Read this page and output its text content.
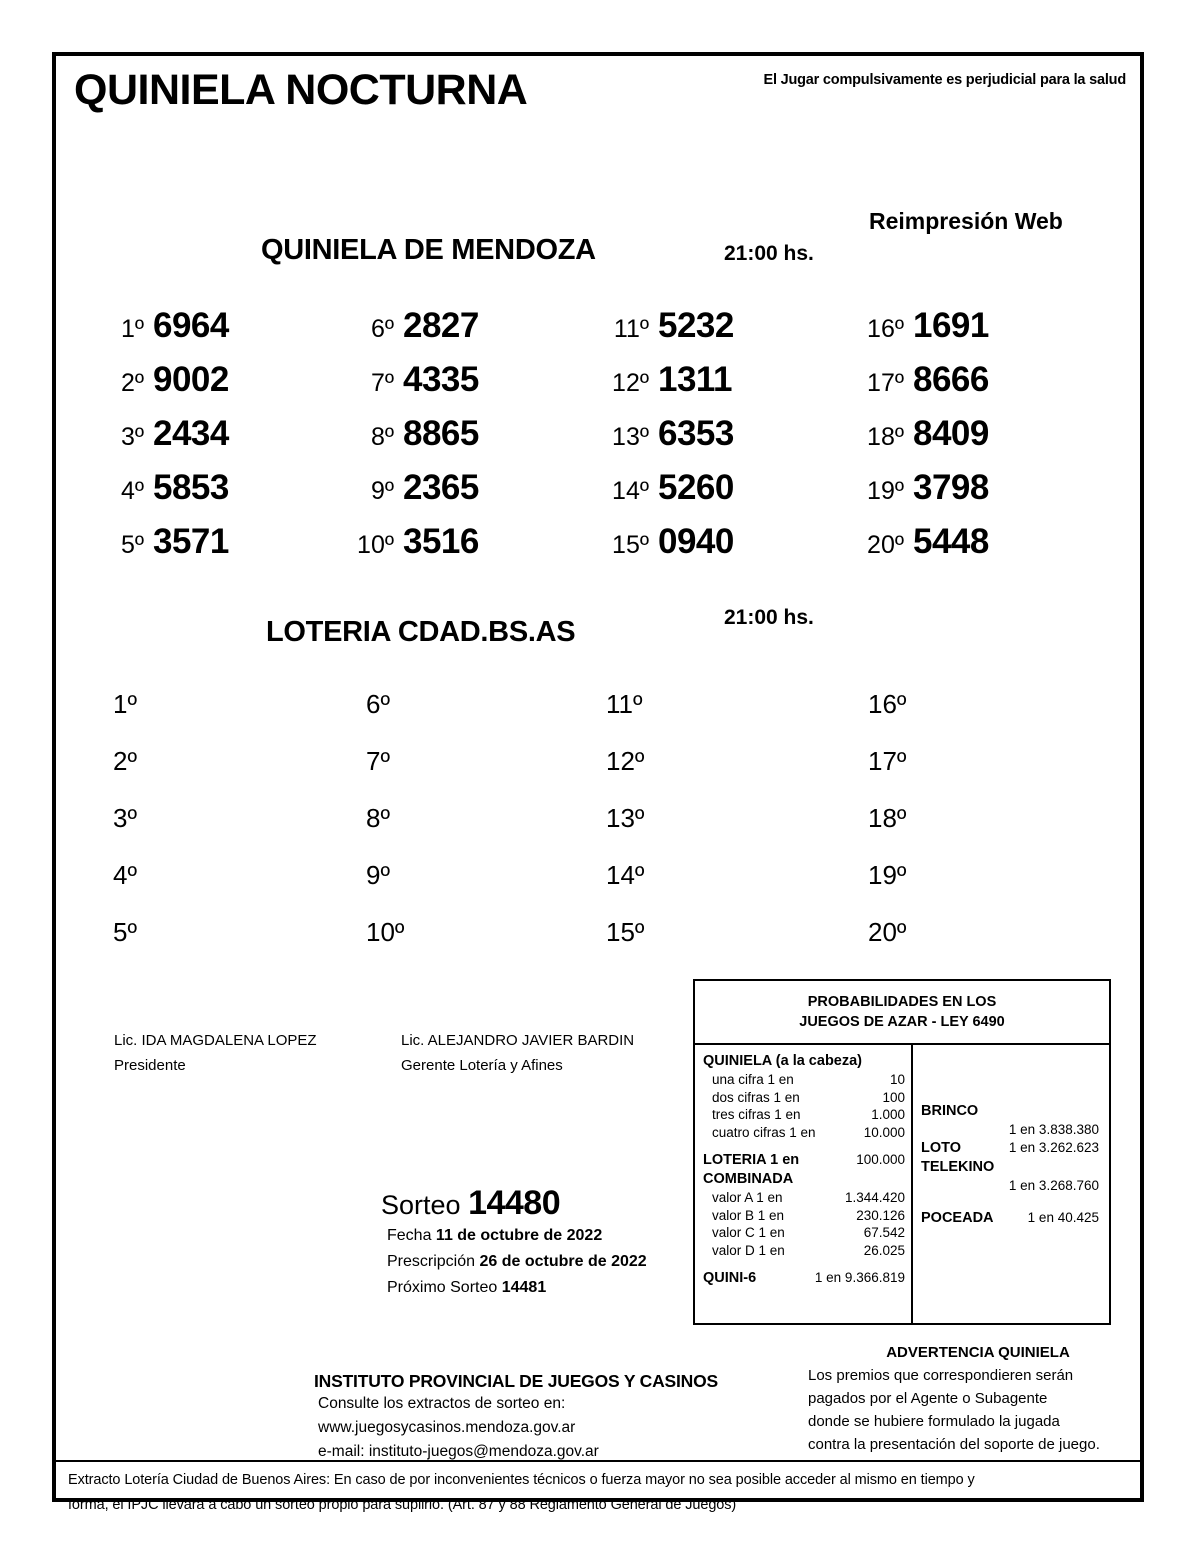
QUINIELA NOCTURNA	El Jugar compulsivamente es perjudicial para la salud
QUINIELA DE MENDOZA	21:00 hs.
Reimpresión Web
1º 6964	6º 2827	11º 5232	16º 1691
2º 9002	7º 4335	12º 1311	17º 8666
3º 2434	8º 8865	13º 6353	18º 8409
4º 5853	9º 2365	14º 5260	19º 3798
5º 3571	10º 3516	15º 0940	20º 5448
LOTERIA CDAD.BS.AS	21:00 hs.
1º	6º	11º	16º
2º	7º	12º	17º
3º	8º	13º	18º
4º	9º	14º	19º
5º	10º	15º	20º
Lic. IDA MAGDALENA LOPEZ
Presidente
Lic. ALEJANDRO JAVIER BARDIN
Gerente Lotería y Afines
PROBABILIDADES EN LOS
JUEGOS DE AZAR - LEY 6490
QUINIELA (a la cabeza)
una cifra 1 en	10
dos cifras 1 en	100
tres cifras 1 en	1.000
cuatro cifras 1 en	10.000
LOTERIA 1 en	100.000
COMBINADA
valor A 1 en	1.344.420
valor B 1 en	230.126
valor C 1 en	67.542
valor D 1 en	26.025
QUINI-6	1 en 9.366.819
BRINCO
1 en 3.838.380
LOTO	1 en 3.262.623
TELEKINO
1 en 3.268.760
POCEADA	1 en 40.425
Sorteo 14480
Fecha 11 de octubre de 2022
Prescripción 26 de octubre de 2022
Próximo Sorteo 14481
ADVERTENCIA QUINIELA
Los premios que correspondieren serán
pagados por el Agente o Subagente
donde se hubiere formulado la jugada
contra la presentación del soporte de juego.
INSTITUTO PROVINCIAL DE JUEGOS Y CASINOS
Consulte los extractos de sorteo en:
www.juegosycasinos.mendoza.gov.ar
e-mail: instituto-juegos@mendoza.gov.ar
Extracto Lotería Ciudad de Buenos Aires: En caso de por inconvenientes técnicos o fuerza mayor no sea posible acceder al mismo en tiempo y
forma, el IPJC llevará a cabo un sorteo propio para suplirlo. (Art. 87 y 88 Reglamento General de Juegos)
